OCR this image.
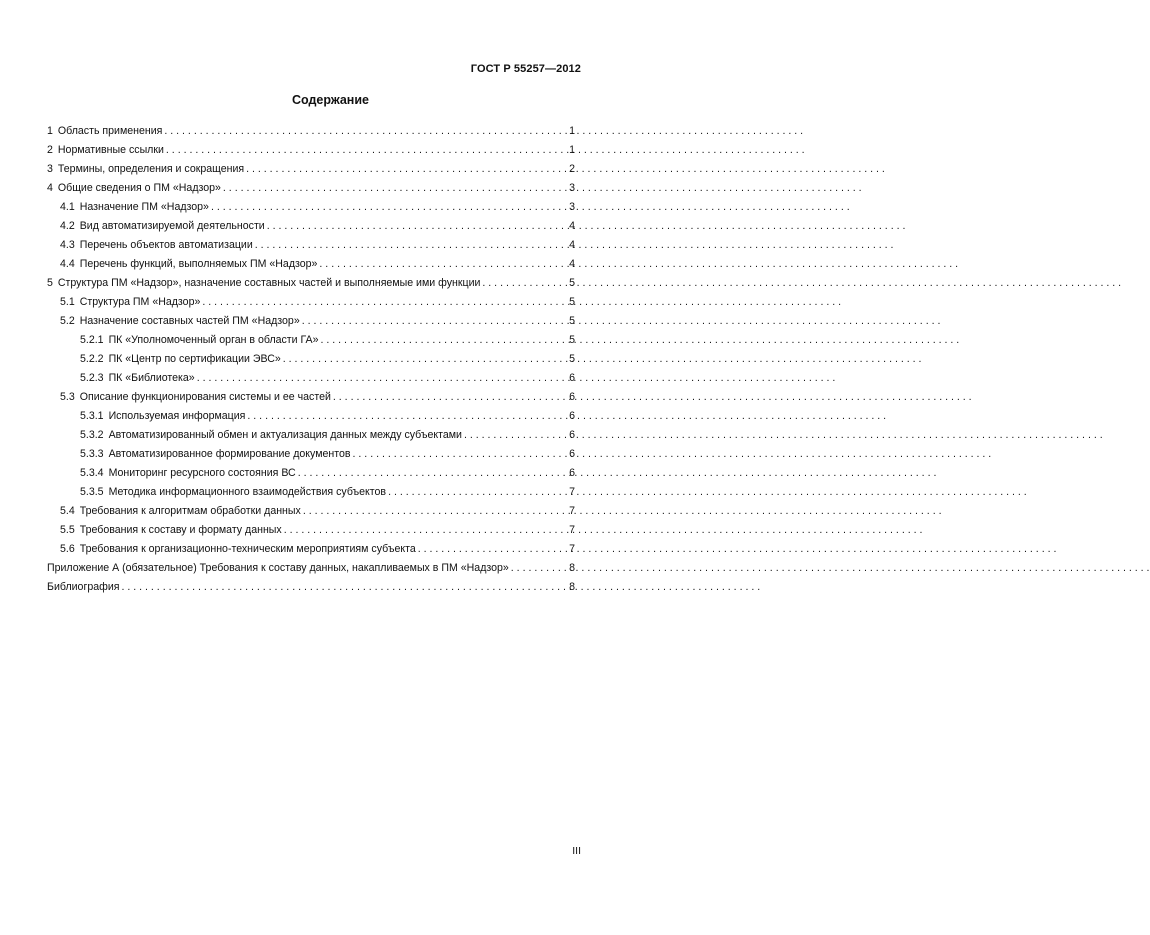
ГОСТ Р 55257—2012
Содержание
1 Область применения . . .	1
2 Нормативные ссылки . . .	1
3 Термины, определения и сокращения . . .	2
4 Общие сведения о ПМ «Надзор» . . .	3
4.1 Назначение ПМ «Надзор» . . .	3
4.2 Вид автоматизируемой деятельности . . .	4
4.3 Перечень объектов автоматизации . . .	4
4.4 Перечень функций, выполняемых ПМ «Надзор» . . .	4
5 Структура ПМ «Надзор», назначение составных частей и выполняемые ими функции . . .	5
5.1 Структура ПМ «Надзор» . . .	5
5.2 Назначение составных частей ПМ «Надзор» . . .	5
5.2.1 ПК «Уполномоченный орган в области ГА» . . .	5
5.2.2 ПК «Центр по сертификации ЭВС» . . .	5
5.2.3 ПК «Библиотека» . . .	6
5.3 Описание функционирования системы и ее частей . . .	6
5.3.1 Используемая информация . . .	6
5.3.2 Автоматизированный обмен и актуализация данных между субъектами . . .	6
5.3.3 Автоматизированное формирование документов . . .	6
5.3.4 Мониторинг ресурсного состояния ВС . . .	6
5.3.5 Методика информационного взаимодействия субъектов . . .	7
5.4 Требования к алгоритмам обработки данных . . .	7
5.5 Требования к составу и формату данных . . .	7
5.6 Требования к организационно-техническим мероприятиям субъекта . . .	7
Приложение А (обязательное) Требования к составу данных, накапливаемых в ПМ «Надзор» . . .	8
Библиография . . .	8
III
